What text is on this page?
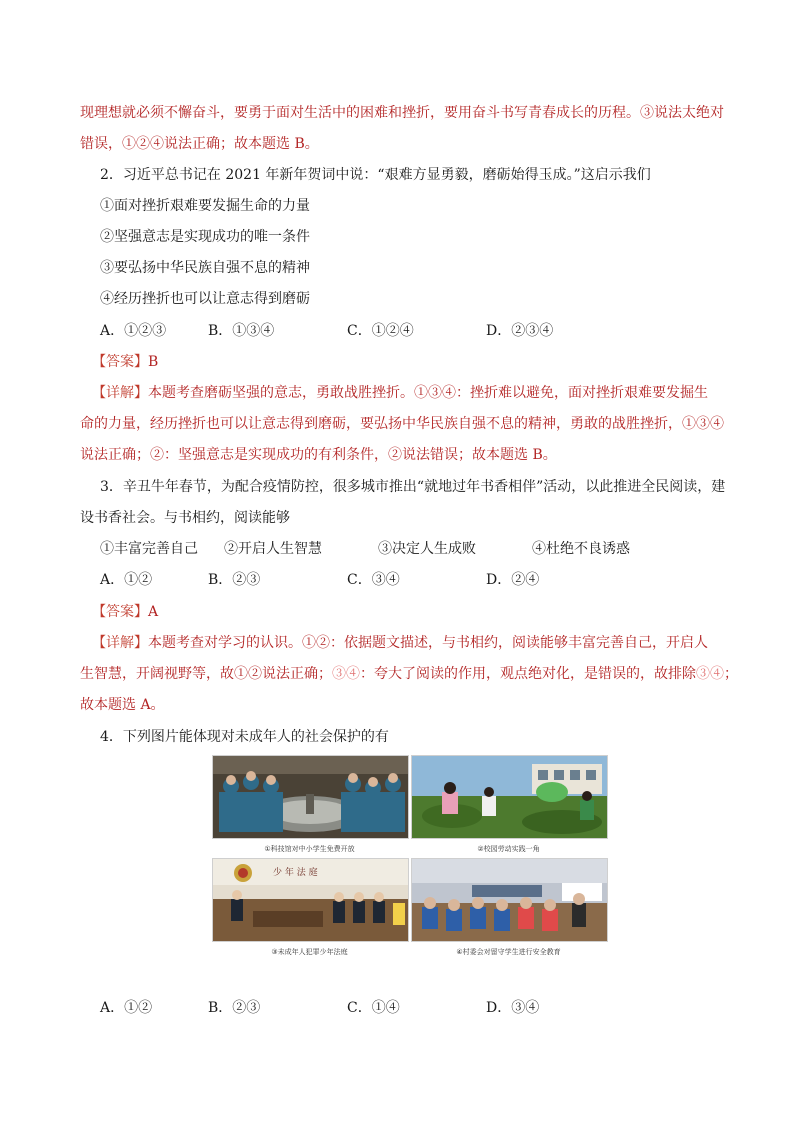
现理想就必须不懈奋斗，要勇于面对生活中的困难和挫折，要用奋斗书写青春成长的历程。③说法太绝对
错误，①②④说法正确；故本题选 B。
2．习近平总书记在 2021 年新年贺词中说：“艰难方显勇毅，磨砺始得玉成。”这启示我们
①面对挫折艰难要发掘生命的力量
②坚强意志是实现成功的唯一条件
③要弘扬中华民族自强不息的精神
④经历挫折也可以让意志得到磨砺
A．①②③	B．①③④	C．①②④	D．②③④
【答案】B
【详解】本题考查磨砺坚强的意志，勇敢战胜挫折。①③④：挫折难以避免，面对挫折艰难要发掘生
命的力量，经历挫折也可以让意志得到磨砺，要弘扬中华民族自强不息的精神，勇敢的战胜挫折，①③④
说法正确；②：坚强意志是实现成功的有利条件，②说法错误；故本题选 B。
3．辛丑牛年春节，为配合疫情防控，很多城市推出“就地过年书香相伴”活动，以此推进全民阅读，建
设书香社会。与书相约，阅读能够
①丰富完善自己 ②开启人生智慧	③决定人生成败	④杜绝不良诱惑
A．①②	B．②③	C．③④	D．②④
【答案】A
【详解】本题考查对学习的认识。①②：依据题文描述，与书相约，阅读能够丰富完善自己，开启人
生智慧，开阔视野等，故①②说法正确；③④：夸大了阅读的作用，观点绝对化，是错误的，故排除③④；
故本题选 A。
4．下列图片能体现对未成年人的社会保护的有
①科技馆对中小学生免费开放	②校园劳动实践一角
少 年 法 庭
③未成年人犯罪少年法庭	④村委会对留守学生进行安全教育
A．①②	B．②③	C．①④	D．③④
